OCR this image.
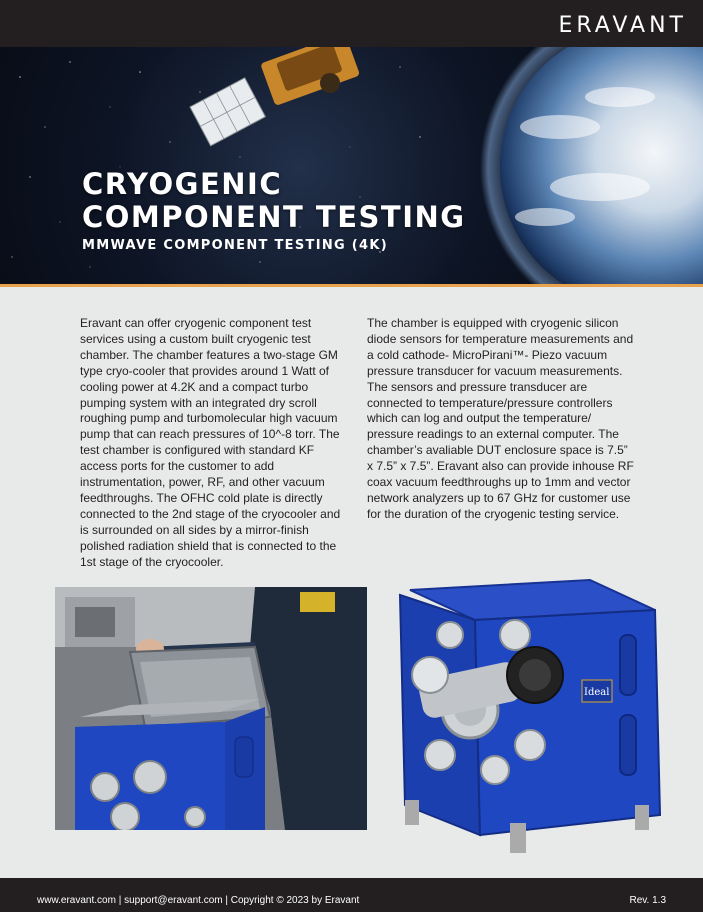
ERAVANT
CRYOGENIC
COMPONENT TESTING
MMWAVE COMPONENT TESTING (4K)

Eravant can offer cryogenic component test services using a custom built cryogenic test chamber. The chamber features a two-stage GM type cryo-cooler that provides around 1 Watt of cooling power at 4.2K and a compact turbo pumping system with an integrated dry scroll roughing pump and turbomolecular high vacuum pump that can reach pressures of 10^-8 torr. The test chamber is configured with standard KF access ports for the customer to add instrumentation, power, RF, and other vacuum feedthroughs. The OFHC cold plate is directly connected to the 2nd stage of the cryocooler and is surrounded on all sides by a mirror-finish polished radiation shield that is connected to the 1st stage of the cryocooler.

The chamber is equipped with cryogenic silicon diode sensors for temperature measurements and a cold cathode- MicroPirani™- Piezo vacuum pressure transducer for vacuum measurements. The sensors and pressure transducer are connected to temperature/pressure controllers which can log and output the temperature/ pressure readings to an external computer. The chamber’s avaliable DUT enclosure space is 7.5” x 7.5” x 7.5”. Eravant also can provide inhouse RF coax vacuum feedthroughs up to 1mm and vector network analyzers up to 67 GHz for customer use for the duration of the cryogenic testing service.

Ideal
www.eravant.com | support@eravant.com | Copyright © 2023 by Eravant	Rev. 1.3
